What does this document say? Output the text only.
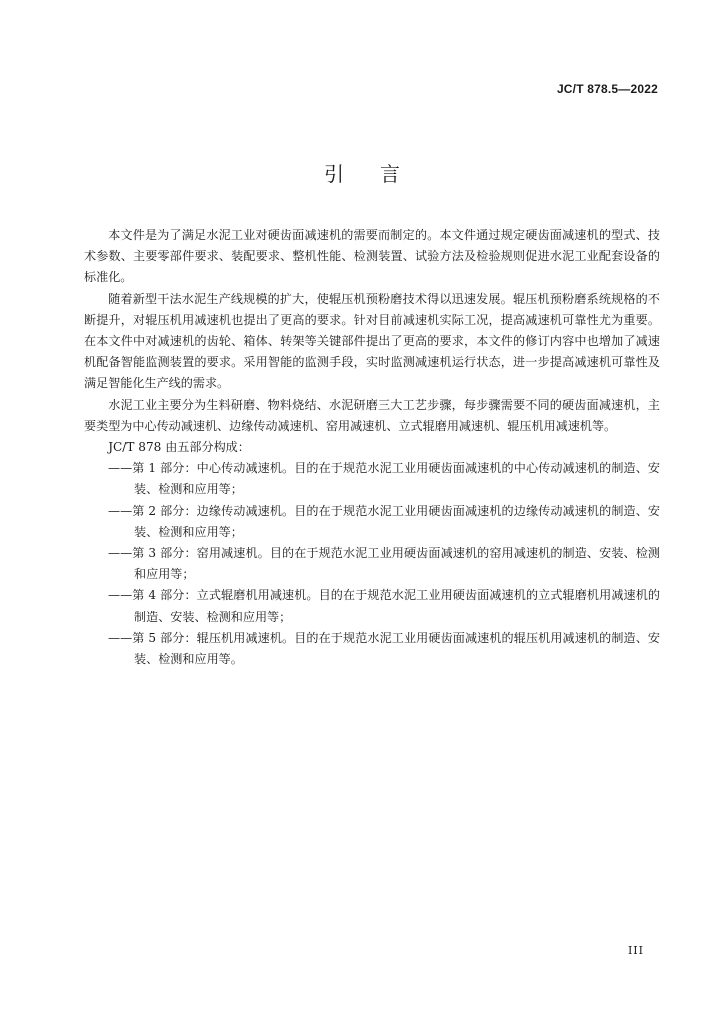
JC/T 878.5—2022
引言

本文件是为了满足水泥工业对硬齿面减速机的需要而制定的。本文件通过规定硬齿面减速机的型式、技术参数、主要零部件要求、装配要求、整机性能、检测装置、试验方法及检验规则促进水泥工业配套设备的标准化。

随着新型干法水泥生产线规模的扩大，使辊压机预粉磨技术得以迅速发展。辊压机预粉磨系统规格的不断提升，对辊压机用减速机也提出了更高的要求。针对目前减速机实际工况，提高减速机可靠性尤为重要。在本文件中对减速机的齿轮、箱体、转架等关键部件提出了更高的要求，本文件的修订内容中也增加了减速机配备智能监测装置的要求。采用智能的监测手段，实时监测减速机运行状态，进一步提高减速机可靠性及满足智能化生产线的需求。

水泥工业主要分为生料研磨、物料烧结、水泥研磨三大工艺步骤，每步骤需要不同的硬齿面减速机，主要类型为中心传动减速机、边缘传动减速机、窑用减速机、立式辊磨用减速机、辊压机用减速机等。

JC/T 878 由五部分构成：

——第 1 部分：中心传动减速机。目的在于规范水泥工业用硬齿面减速机的中心传动减速机的制造、安装、检测和应用等；

——第 2 部分：边缘传动减速机。目的在于规范水泥工业用硬齿面减速机的边缘传动减速机的制造、安装、检测和应用等；

——第 3 部分：窑用减速机。目的在于规范水泥工业用硬齿面减速机的窑用减速机的制造、安装、检测和应用等；

——第 4 部分：立式辊磨机用减速机。目的在于规范水泥工业用硬齿面减速机的立式辊磨机用减速机的制造、安装、检测和应用等；

——第 5 部分：辊压机用减速机。目的在于规范水泥工业用硬齿面减速机的辊压机用减速机的制造、安装、检测和应用等。

III
